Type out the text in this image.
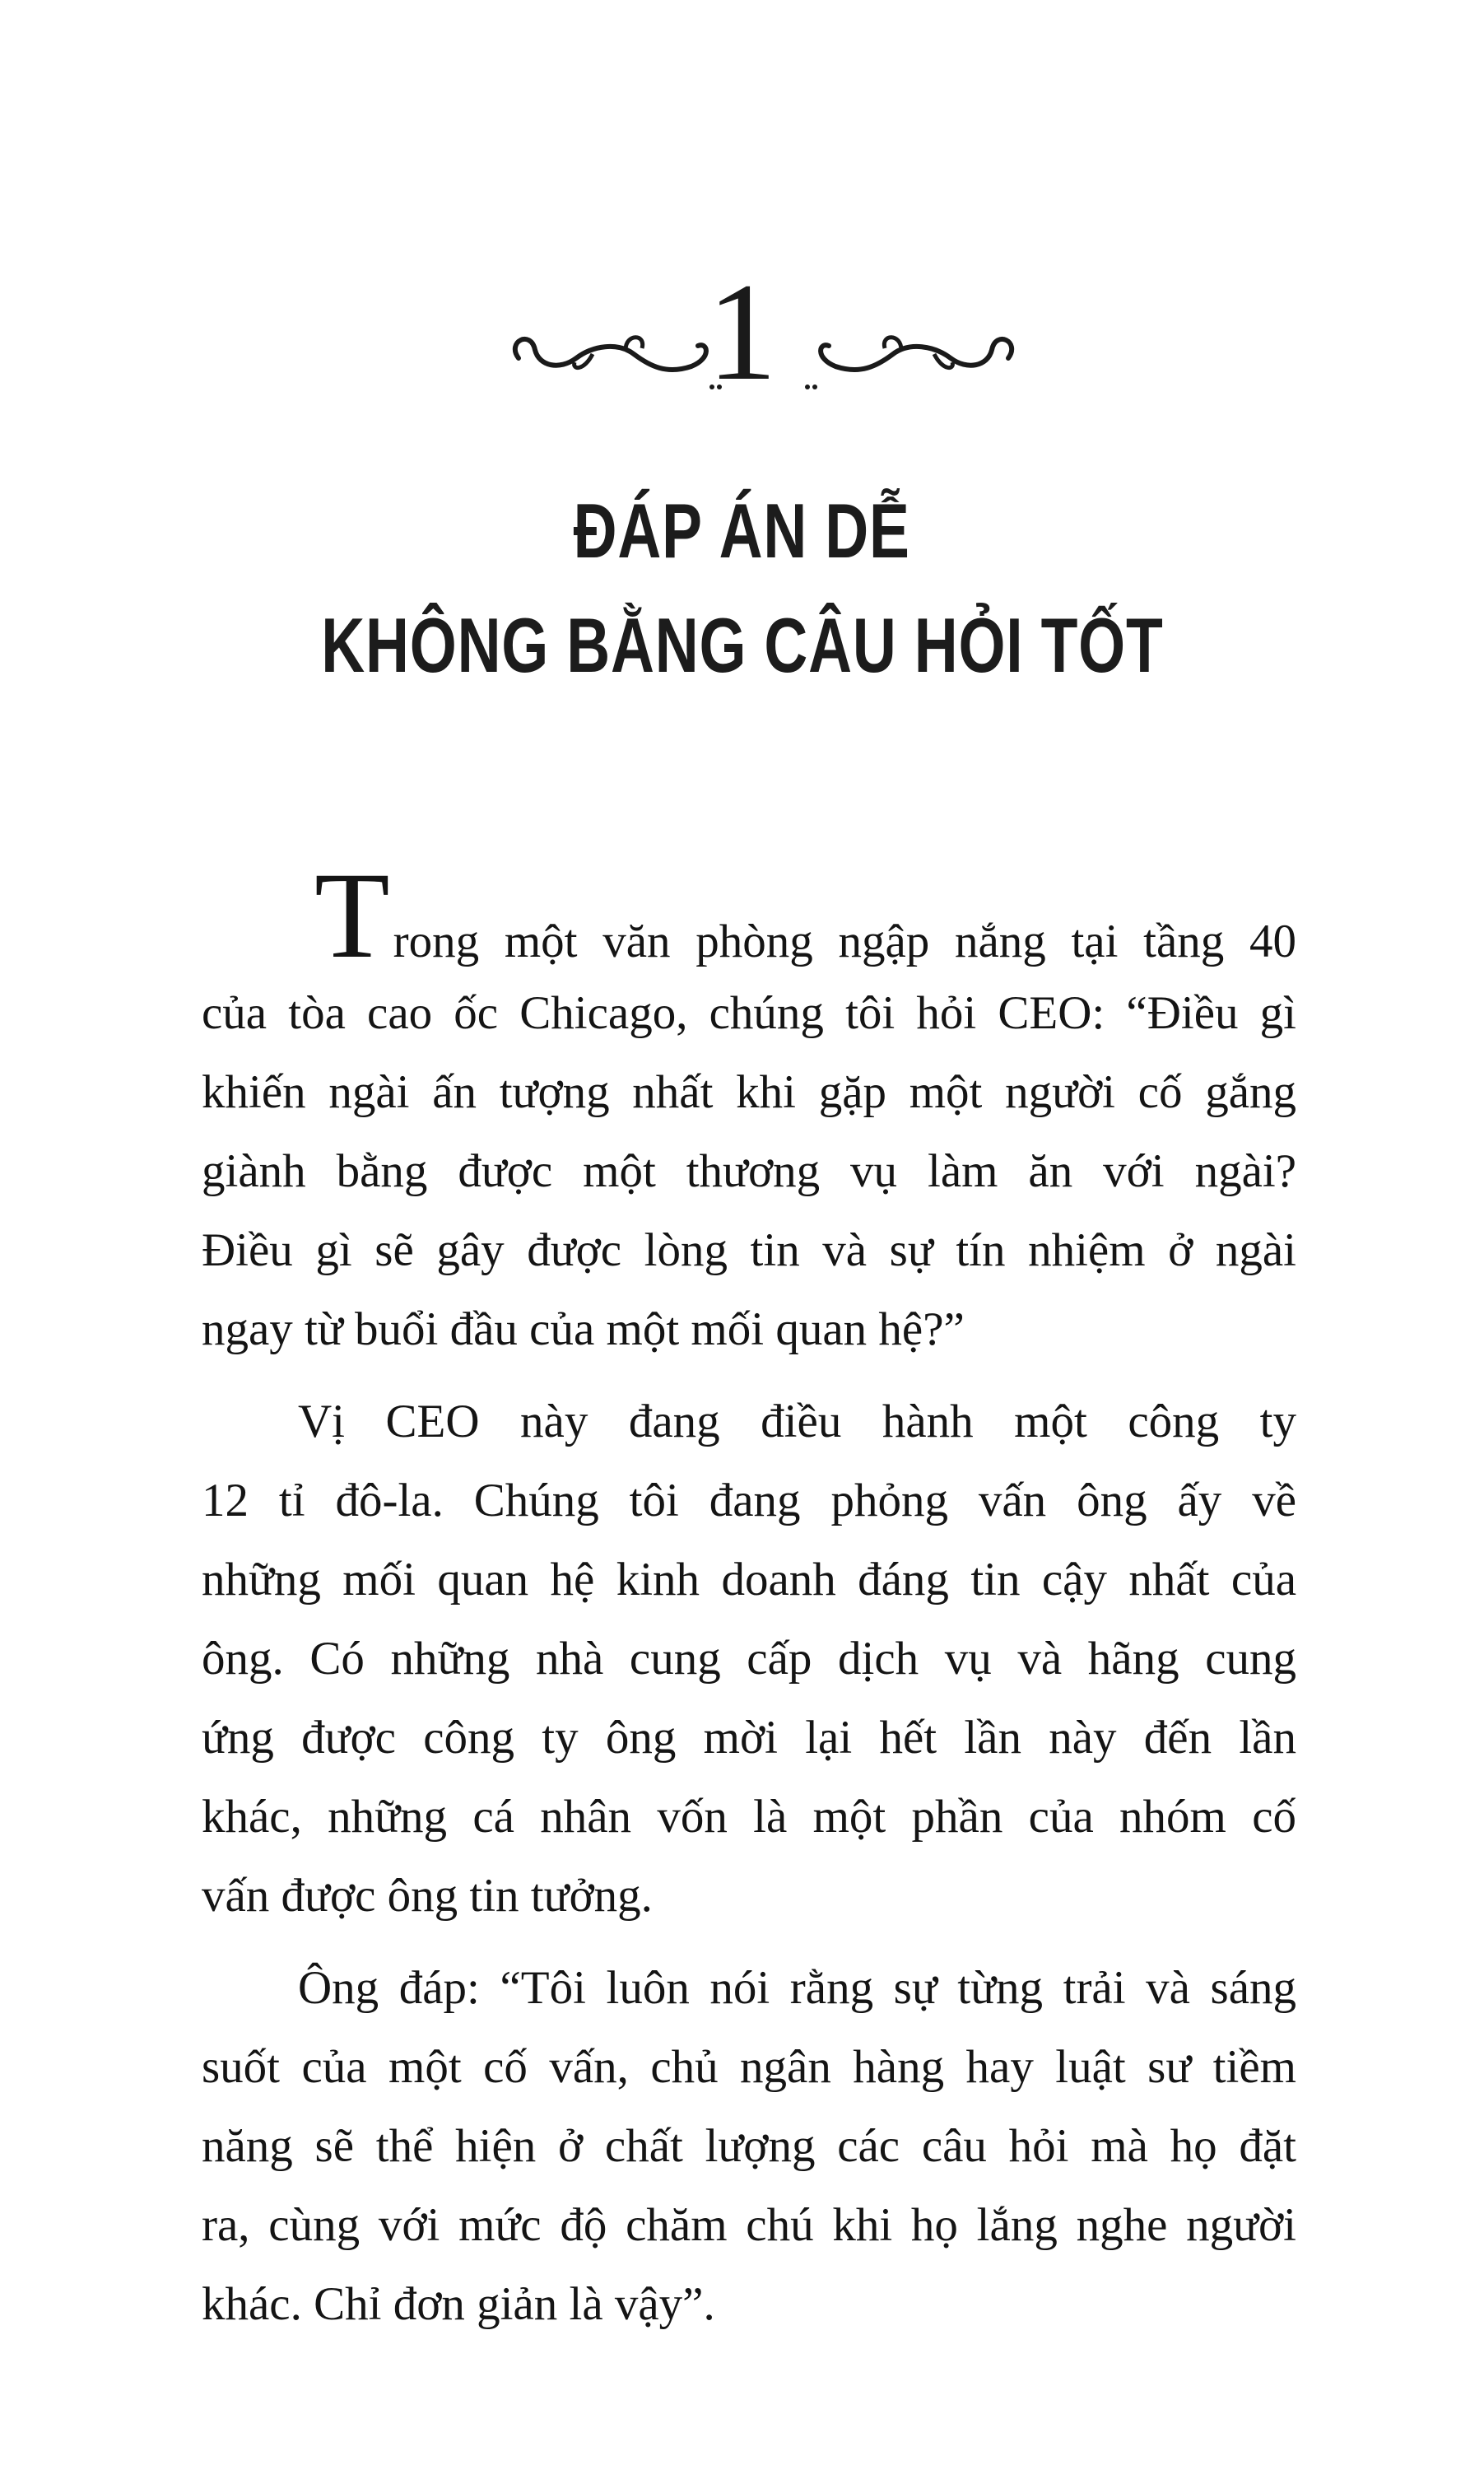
1
ĐÁP ÁN DỄ
KHÔNG BẰNG CÂU HỎI TỐT
Trong một văn phòng ngập nắng tại tầng 40
của tòa cao ốc Chicago, chúng tôi hỏi CEO: “Điều gì
khiến ngài ấn tượng nhất khi gặp một người cố gắng
giành bằng được một thương vụ làm ăn với ngài?
Điều gì sẽ gây được lòng tin và sự tín nhiệm ở ngài
ngay từ buổi đầu của một mối quan hệ?”
Vị CEO này đang điều hành một công ty
12 tỉ đô-la. Chúng tôi đang phỏng vấn ông ấy về
những mối quan hệ kinh doanh đáng tin cậy nhất của
ông. Có những nhà cung cấp dịch vụ và hãng cung
ứng được công ty ông mời lại hết lần này đến lần
khác, những cá nhân vốn là một phần của nhóm cố
vấn được ông tin tưởng.
Ông đáp: “Tôi luôn nói rằng sự từng trải và sáng
suốt của một cố vấn, chủ ngân hàng hay luật sư tiềm
năng sẽ thể hiện ở chất lượng các câu hỏi mà họ đặt
ra, cùng với mức độ chăm chú khi họ lắng nghe người
khác. Chỉ đơn giản là vậy”.
